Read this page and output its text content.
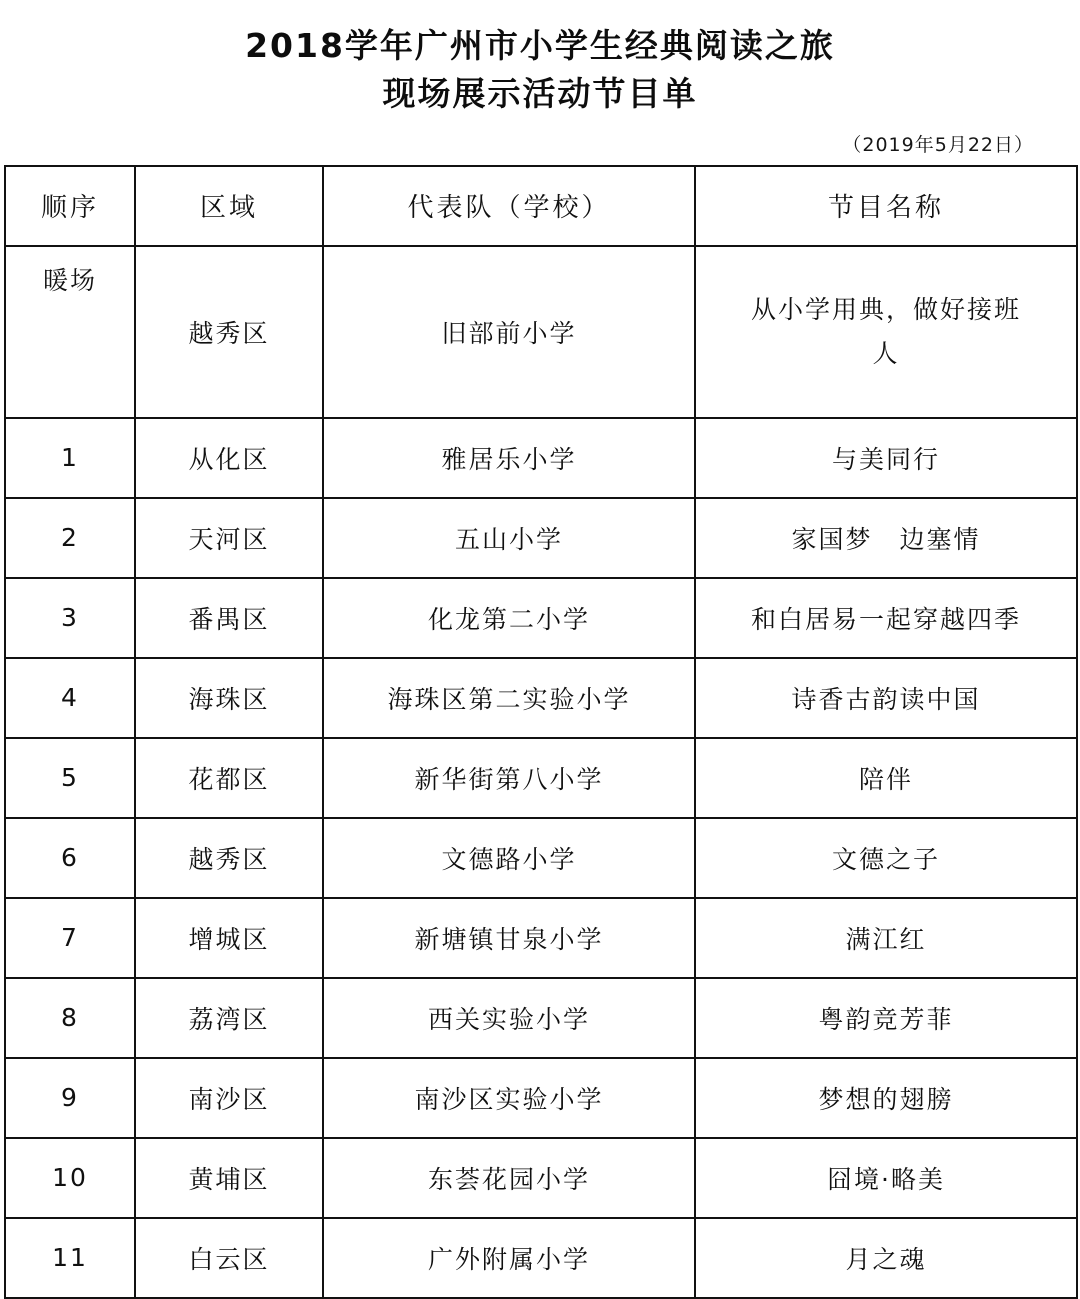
2018学年广州市小学生经典阅读之旅
现场展示活动节目单
（2019年5月22日）
顺序	区域	代表队（学校）	节目名称
暖场	越秀区	旧部前小学	从小学用典，做好接班
人

1	从化区	雅居乐小学	与美同行
2	天河区	五山小学	家国梦　边塞情
3	番禺区	化龙第二小学	和白居易一起穿越四季
4	海珠区	海珠区第二实验小学	诗香古韵读中国
5	花都区	新华街第八小学	陪伴
6	越秀区	文德路小学	文德之子
7	增城区	新塘镇甘泉小学	满江红
8	荔湾区	西关实验小学	粤韵竞芳菲
9	南沙区	南沙区实验小学	梦想的翅膀
10	黄埔区	东荟花园小学	囧境·略美
11	白云区	广外附属小学	月之魂
